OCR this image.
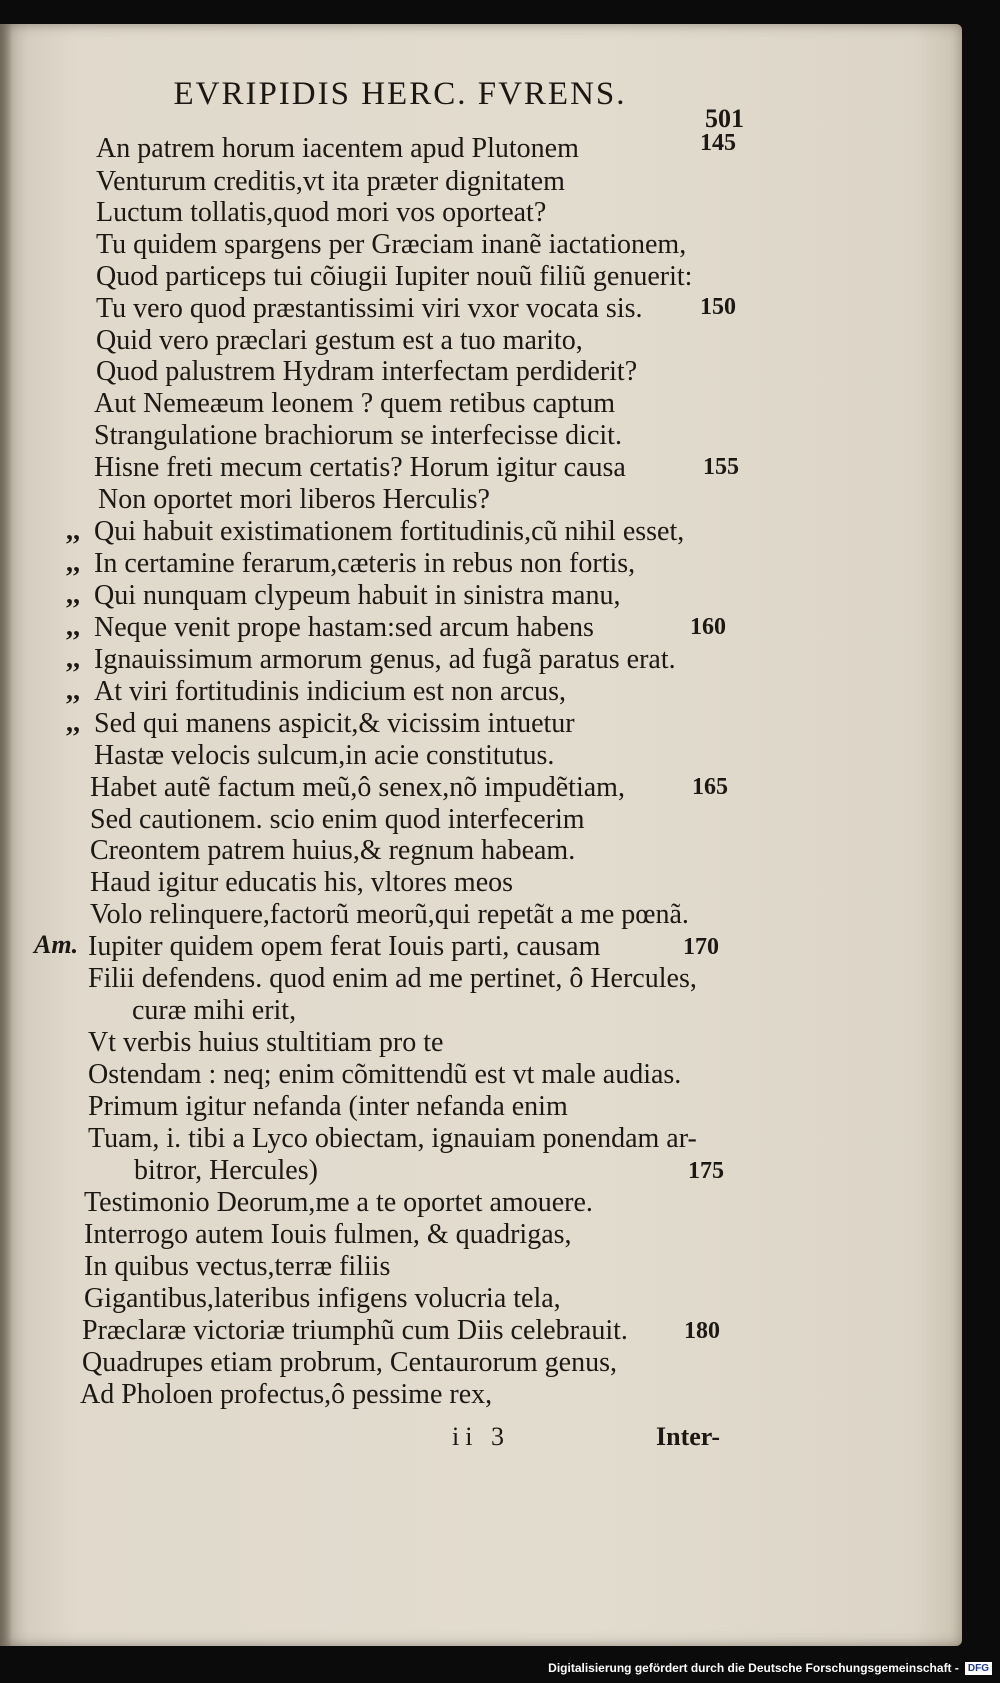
EVRIPIDIS HERC. FVRENS.
501
An patrem horum iacentem apud Plutonem
Venturum creditis,vt ita præter dignitatem
Luctum tollatis,quod mori vos oporteat?
Tu quidem spargens per Græciam inanẽ iactationem,
Quod particeps tui cõiugii Iupiter nouũ filiũ genuerit:
Tu vero quod præstantissimi viri vxor vocata sis.
Quid vero præclari gestum est a tuo marito,
Quod palustrem Hydram interfectam perdiderit?
Aut Nemeæum leonem ? quem retibus captum
Strangulatione brachiorum se interfecisse dicit.
Hisne freti mecum certatis? Horum igitur causa
Non oportet mori liberos Herculis?
,, Qui habuit existimationem fortitudinis,cũ nihil esset,
,, In certamine ferarum,cæteris in rebus non fortis,
,, Qui nunquam clypeum habuit in sinistra manu,
,, Neque venit prope hastam:sed arcum habens
,, Ignauissimum armorum genus, ad fugã paratus erat.
,, At viri fortitudinis indicium est non arcus,
,, Sed qui manens aspicit,& vicissim intuetur
Hastæ velocis sulcum,in acie constitutus.
Habet autẽ factum meũ,ô senex,nõ impudẽtiam,
Sed cautionem. scio enim quod interfecerim
Creontem patrem huius,& regnum habeam.
Haud igitur educatis his, vltores meos
Volo relinquere,factorũ meorũ,qui repetãt a me pœnã.
Am. Iupiter quidem opem ferat Iouis parti, causam
Filii defendens. quod enim ad me pertinet, ô Hercules,
curæ mihi erit,
Vt verbis huius stultitiam pro te
Ostendam : neq; enim cõmittendũ est vt male audias.
Primum igitur nefanda (inter nefanda enim
Tuam, i. tibi a Lyco obiectam, ignauiam ponendam ar-
bitror, Hercules)
Testimonio Deorum,me a te oportet amouere.
Interrogo autem Iouis fulmen, & quadrigas,
In quibus vectus,terræ filiis
Gigantibus,lateribus infigens volucria tela,
Præclaræ victoriæ triumphũ cum Diis celebrauit.
Quadrupes etiam probrum, Centaurorum genus,
Ad Pholoen profectus,ô pessime rex,
145
150
155
160
165
170
175
180
ii 3	Inter-
Digitalisierung gefördert durch die Deutsche Forschungsgemeinschaft - DFG
